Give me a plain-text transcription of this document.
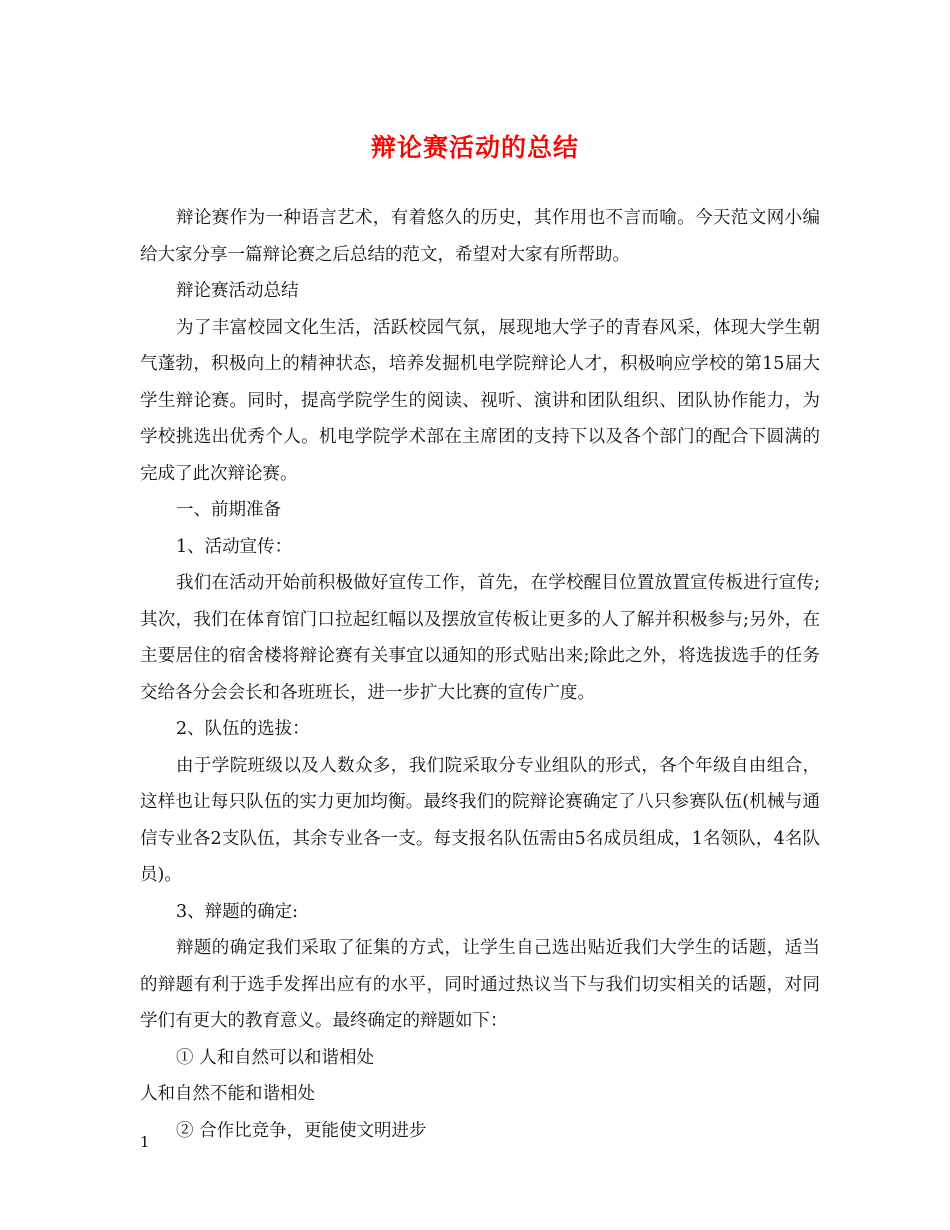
辩论赛活动的总结

辩论赛作为一种语言艺术，有着悠久的历史，其作用也不言而喻。今天范文网小编给大家分享一篇辩论赛之后总结的范文，希望对大家有所帮助。

辩论赛活动总结

为了丰富校园文化生活，活跃校园气氛，展现地大学子的青春风采，体现大学生朝气蓬勃，积极向上的精神状态，培养发掘机电学院辩论人才，积极响应学校的第15届大学生辩论赛。同时，提高学院学生的阅读、视听、演讲和团队组织、团队协作能力，为学校挑选出优秀个人。机电学院学术部在主席团的支持下以及各个部门的配合下圆满的完成了此次辩论赛。

一、前期准备

1、活动宣传：

我们在活动开始前积极做好宣传工作，首先，在学校醒目位置放置宣传板进行宣传;其次，我们在体育馆门口拉起红幅以及摆放宣传板让更多的人了解并积极参与;另外，在主要居住的宿舍楼将辩论赛有关事宜以通知的形式贴出来;除此之外，将选拔选手的任务交给各分会会长和各班班长，进一步扩大比赛的宣传广度。

2、队伍的选拔：

由于学院班级以及人数众多，我们院采取分专业组队的形式，各个年级自由组合，这样也让每只队伍的实力更加均衡。最终我们的院辩论赛确定了八只参赛队伍(机械与通信专业各2支队伍，其余专业各一支。每支报名队伍需由5名成员组成，1名领队，4名队员)。

3、辩题的确定:

辩题的确定我们采取了征集的方式，让学生自己选出贴近我们大学生的话题，适当的辩题有利于选手发挥出应有的水平，同时通过热议当下与我们切实相关的话题，对同学们有更大的教育意义。最终确定的辩题如下：

① 人和自然可以和谐相处

人和自然不能和谐相处

② 合作比竞争，更能使文明进步

1
